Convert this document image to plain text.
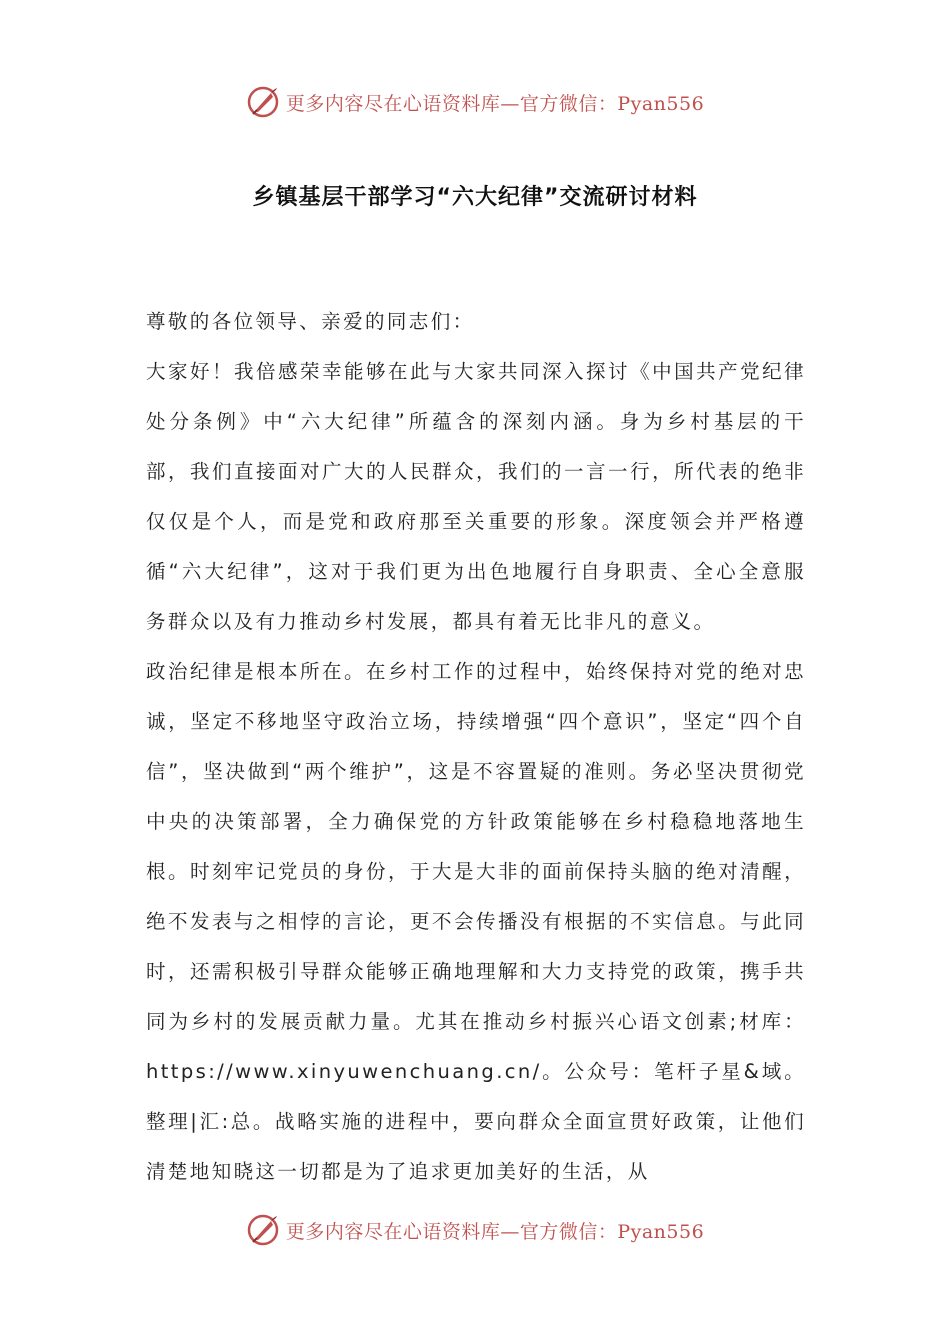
更多内容尽在心语资料库—官方微信：Pyan556
乡镇基层干部学习“六大纪律”交流研讨材料

尊敬的各位领导、亲爱的同志们：

大家好！我倍感荣幸能够在此与大家共同深入探讨《中国共产党纪律处分条例》中“六大纪律”所蕴含的深刻内涵。身为乡村基层的干部，我们直接面对广大的人民群众，我们的一言一行，所代表的绝非仅仅是个人，而是党和政府那至关重要的形象。深度领会并严格遵循“六大纪律”，这对于我们更为出色地履行自身职责、全心全意服务群众以及有力推动乡村发展，都具有着无比非凡的意义。

政治纪律是根本所在。在乡村工作的过程中，始终保持对党的绝对忠诚，坚定不移地坚守政治立场，持续增强“四个意识”，坚定“四个自信”，坚决做到“两个维护”，这是不容置疑的准则。务必坚决贯彻党中央的决策部署，全力确保党的方针政策能够在乡村稳稳地落地生根。时刻牢记党员的身份，于大是大非的面前保持头脑的绝对清醒，绝不发表与之相悖的言论，更不会传播没有根据的不实信息。与此同时，还需积极引导群众能够正确地理解和大力支持党的政策，携手共同为乡村的发展贡献力量。尤其在推动乡村振兴心语文创素;材库：https://www.xinyuwenchuang.cn/。公众号：笔杆子星&域。整理|汇:总。战略实施的进程中，要向群众全面宣贯好政策，让他们清楚地知晓这一切都是为了追求更加美好的生活，从

更多内容尽在心语资料库—官方微信：Pyan556
